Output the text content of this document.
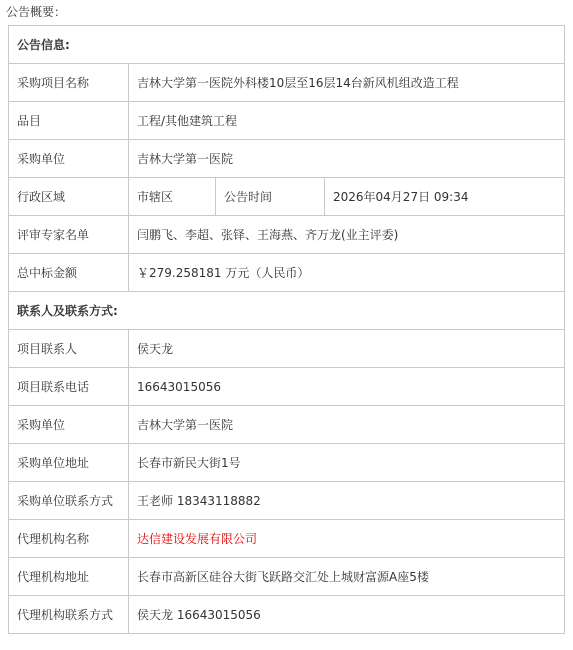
公告概要：
公告信息:			
采购项目名称	吉林大学第一医院外科楼10层至16层14台新风机组改造工程		
品目	工程/其他建筑工程		
采购单位	吉林大学第一医院		
行政区域	市辖区	公告时间	2026年04月27日 09:34
评审专家名单	闫鹏飞、李超、张铎、王海燕、齐万龙(业主评委)		
总中标金额	￥279.258181 万元（人民币）		
联系人及联系方式:			
项目联系人	侯天龙		
项目联系电话	16643015056		
采购单位	吉林大学第一医院		
采购单位地址	长春市新民大街1号		
采购单位联系方式	王老师 18343118882		
代理机构名称	达信建设发展有限公司		
代理机构地址	长春市高新区硅谷大街飞跃路交汇处上城财富源A座5楼		
代理机构联系方式	侯天龙 16643015056		
